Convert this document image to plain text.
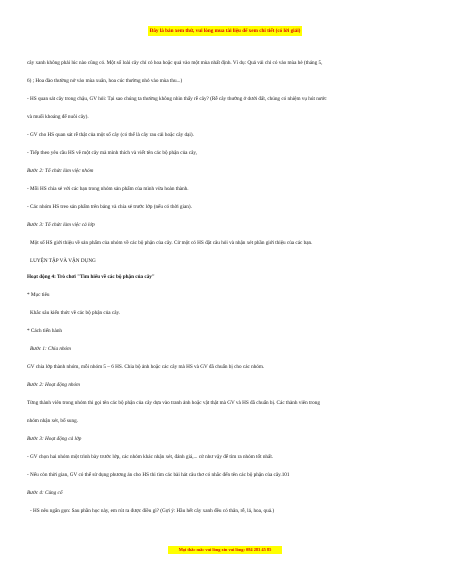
Đây là bản xem thử, vui lòng mua tài liệu để xem chi tiết (có lời giải)
cây xanh không phải lúc nào cũng có. Một số loài cây chỉ có hoa hoặc quả vào một mùa nhất định. Ví dụ: Quả vải chỉ có vào mùa hè (tháng 5,
6) ; Hoa đào thường nở vào mùa xuân, hoa cúc thường nhỏ vào mùa thu...)
- HS quan sát cây trong chậu, GV hỏi: Tại sao chúng ta thường không nhìn thấy rễ cây? (Rễ cây thường ở dưới đất, chúng có nhiệm vụ hút nước
và muối khoáng để nuôi cây).
- GV cho HS quan sát rễ thật của một số cây (có thể là cây rau cải hoặc cây dại).
- Tiếp theo yêu cầu HS vẽ một cây mà mình thích và viết tên các bộ phận của cây,
Bước 2: Tổ chức làm việc nhóm
- Mỗi HS chia sẻ với các bạn trong nhóm sản phẩm của mình vừa hoàn thành.
- Các nhóm HS treo sản phẩm trên bảng và chia sẻ trước lớp (nếu có thời gian).
Bước 3: Tổ chức làm việc cả lớp
Một số HS giới thiệu về sản phẩm của nhóm về các bộ phận của cây. Cử một có HS đặt câu hỏi và nhận xét phần giới thiệu của các bạn.
LUYỆN TẬP VÀ VẬN DỤNG
Hoạt động 4: Trò chơi "Tìm hiểu về các bộ phận của cây"
* Mục tiêu
Khắc sâu kiến thức về các bộ phận của cây.
* Cách tiến hành
Bước 1: Chia nhóm
GV chia lớp thành nhóm, mỗi nhóm 5 – 6 HS. Chia bộ ảnh hoặc các cây mà HS và GV đã chuẩn bị cho các nhóm.
Bước 2: Hoạt động nhóm
Từng thành viên trong nhóm thi gọi tên các bộ phận của cây dựa vào tranh ảnh hoặc vật thật mà GV và HS đã chuẩn bị. Các thành viên trong
nhóm nhận xét, bổ sung.
Bước 3: Hoạt động cả lớp
- GV chọn hai nhóm một trình bày trước lớp, các nhóm khác nhận xét, đánh giá,... cử như vậy để tìm ra nhóm tốt nhất.
- Nếu còn thời gian, GV có thể sử dụng phương án cho HS thi tìm các bài hát câu thơ có nhắc đến tên các bộ phận của cây.101
Bước 4: Củng cố
- HS nêu ngắn gọn: Sau phần học này, em rút ra được điều gì? (Gợi ý: Hầu hết cây xanh đều có thân, rễ, lá, hoa, quả.)
Mọi thắc mắc vui lòng xin vui lòng: 084 283 45 85
